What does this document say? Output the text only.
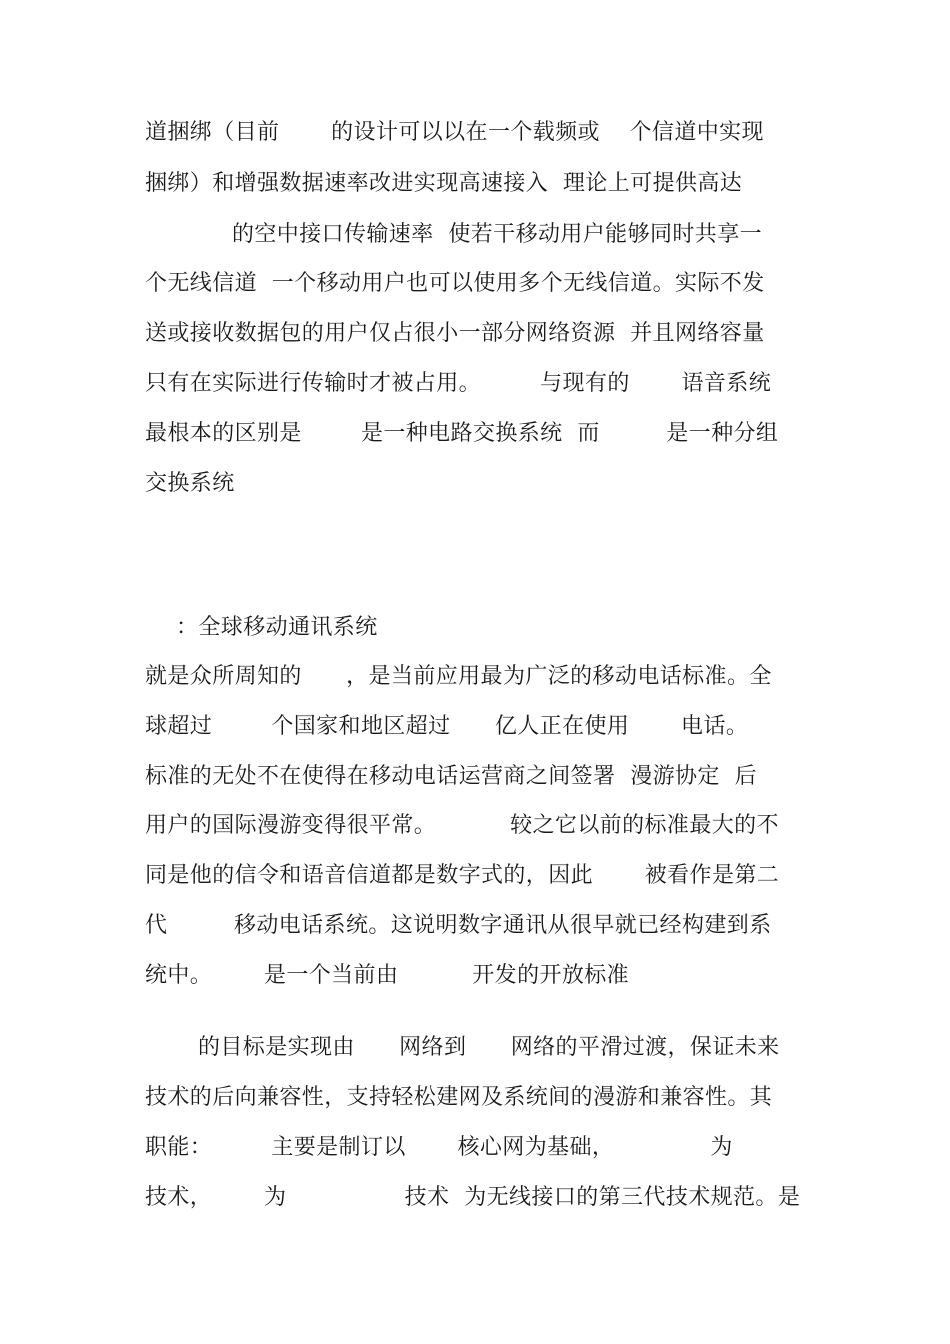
道捆绑（目前       的设计可以以在一个载频或    个信道中实现

捆绑）和增强数据速率改进实现高速接入  理论上可提供高达

的空中接口传输速率  使若干移动用户能够同时共享一

个无线信道  一个移动用户也可以使用多个无线信道。实际不发

送或接收数据包的用户仅占很小一部分网络资源  并且网络容量

只有在实际进行传输时才被占用。        与现有的       语音系统

最根本的区别是        是一种电路交换系统  而         是一种分组

交换系统

：全球移动通讯系统

就是众所周知的      ，是当前应用最为广泛的移动电话标准。全

球超过        个国家和地区超过      亿人正在使用       电话。

标准的无处不在使得在移动电话运营商之间签署  漫游协定  后

用户的国际漫游变得很平常。          较之它以前的标准最大的不

同是他的信令和语音信道都是数字式的，因此       被看作是第二

代         移动电话系统。这说明数字通讯从很早就已经构建到系

统中。       是一个当前由          开发的开放标准

的目标是实现由      网络到      网络的平滑过渡，保证未来

技术的后向兼容性，支持轻松建网及系统间的漫游和兼容性。其

职能：        主要是制订以       核心网为基础，             为

技术，       为                技术  为无线接口的第三代技术规范。是
